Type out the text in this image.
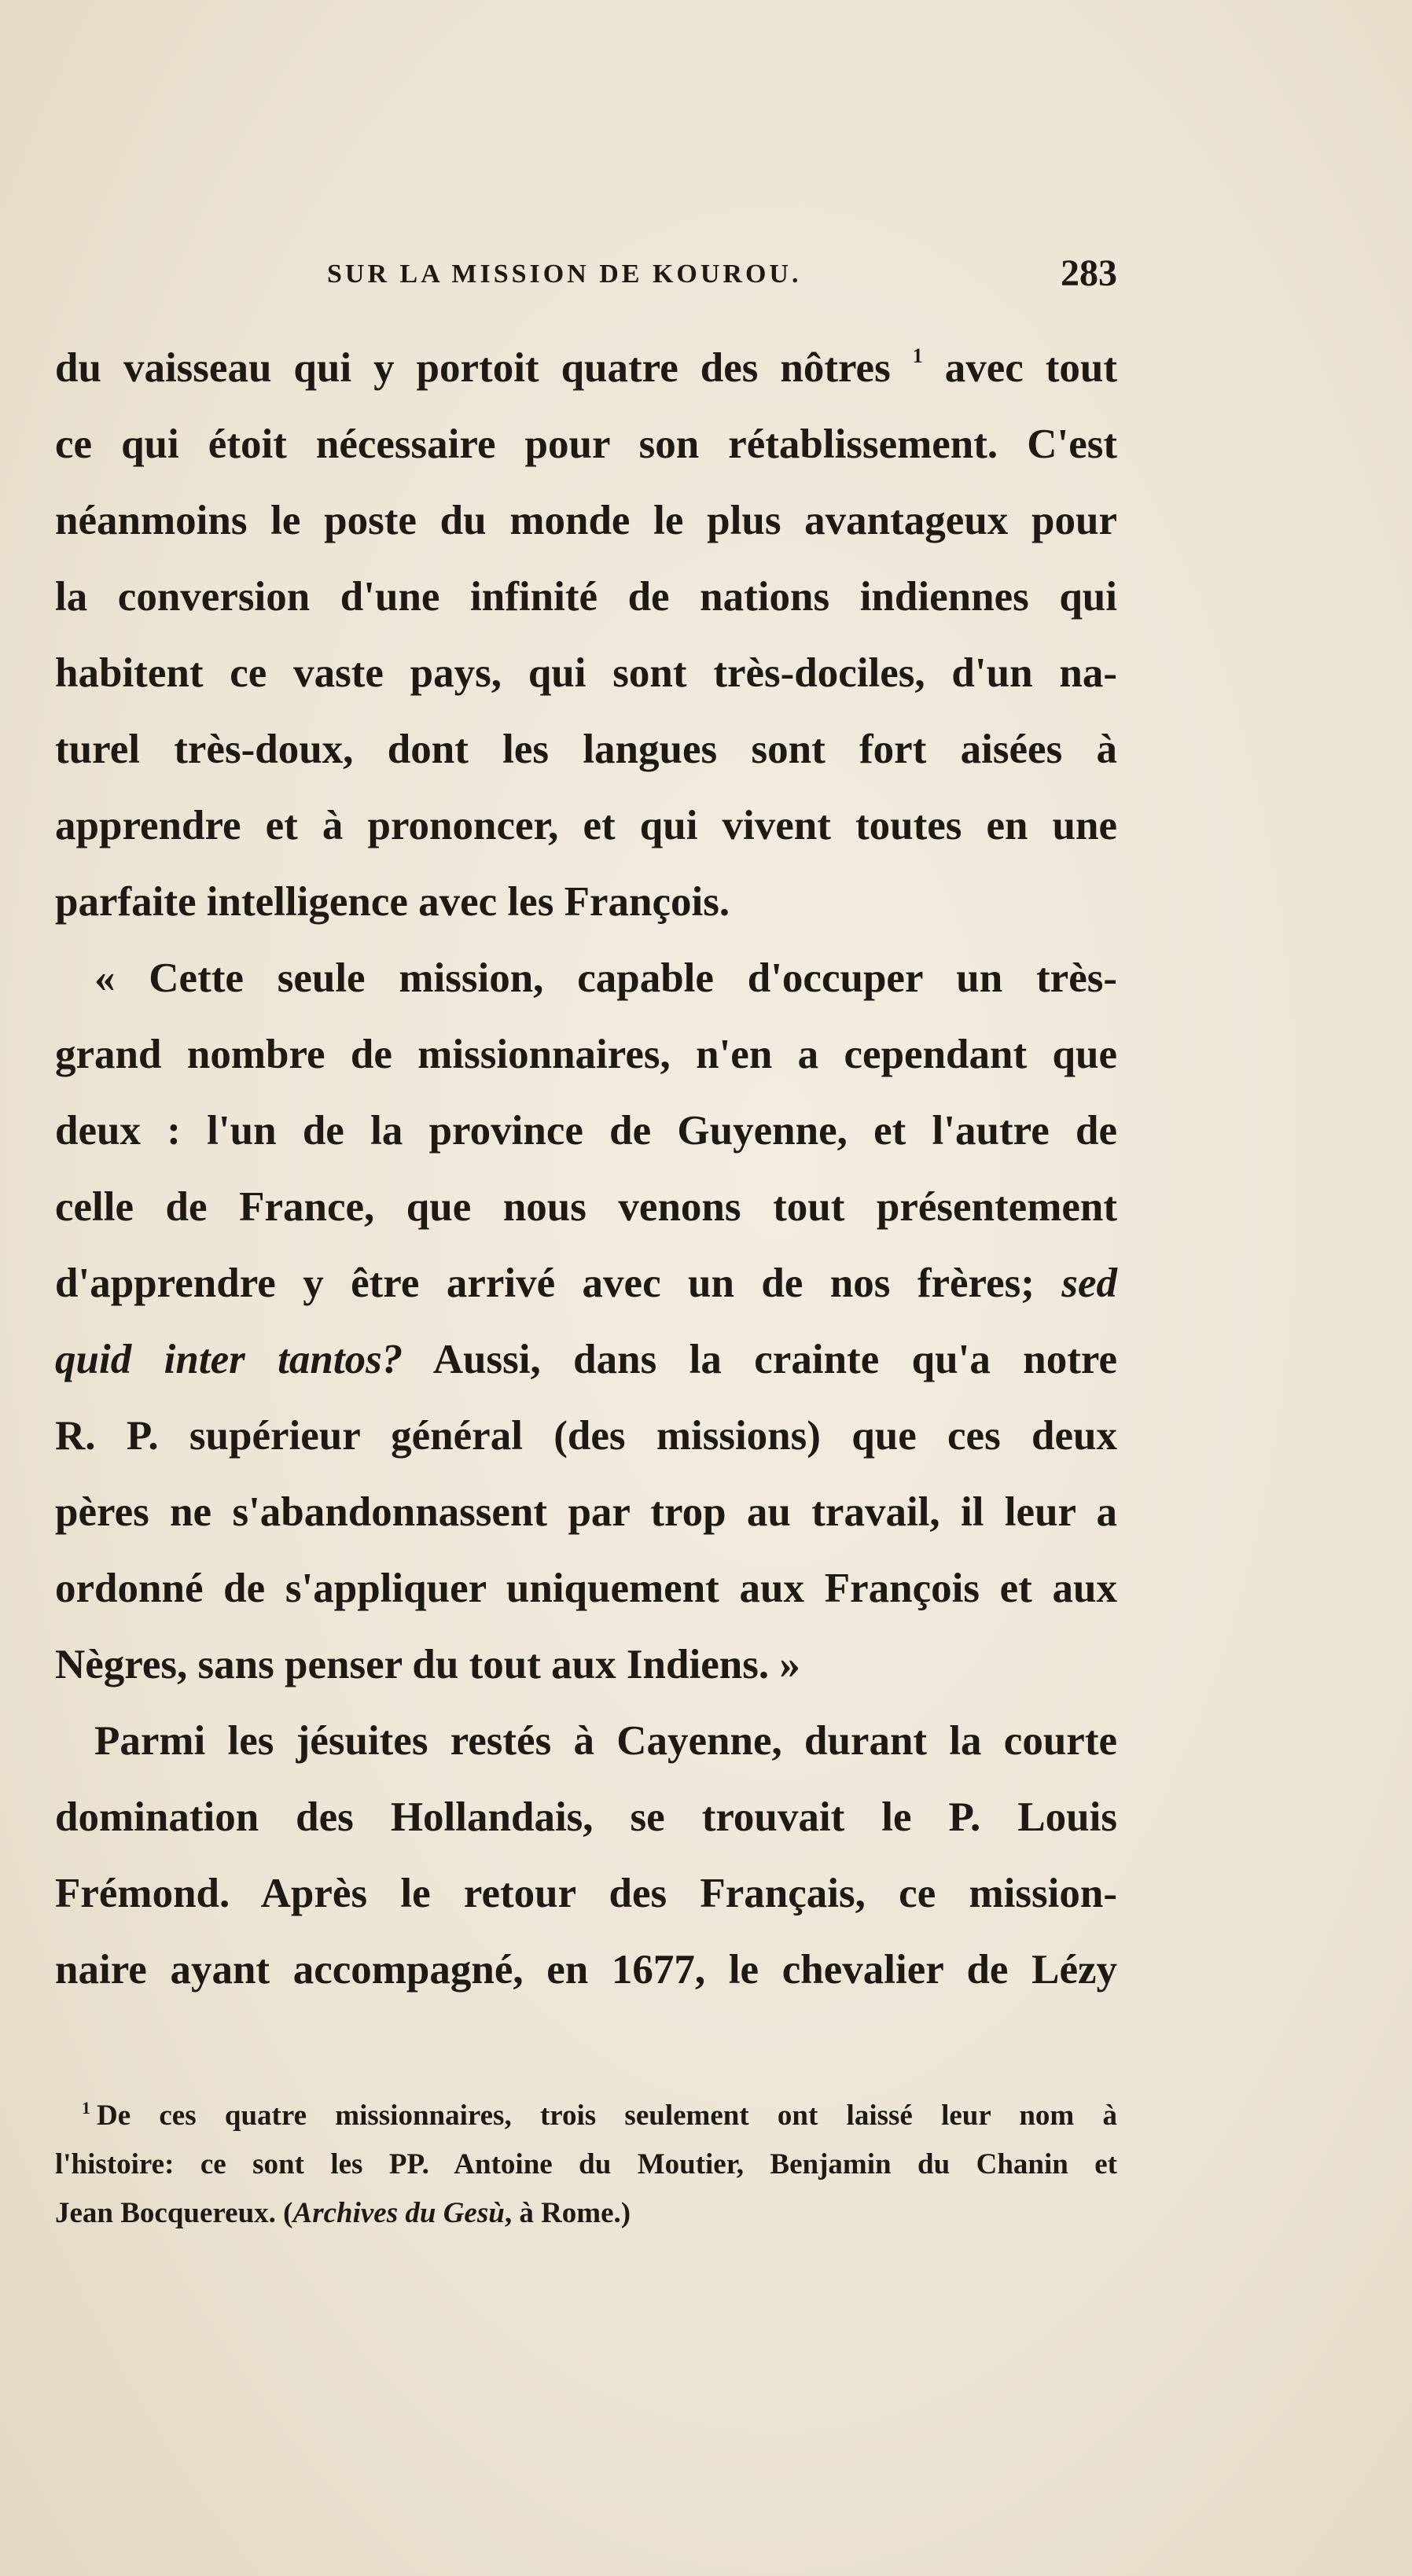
SUR LA MISSION DE KOUROU.	283
du vaisseau qui y portoit quatre des nôtres $^1$ avec tout
ce qui étoit nécessaire pour son rétablissement. C'est
néanmoins le poste du monde le plus avantageux pour
la conversion d'une infinité de nations indiennes qui
habitent ce vaste pays, qui sont très-dociles, d'un na-
turel très-doux, dont les langues sont fort aisées à
apprendre et à prononcer, et qui vivent toutes en une
parfaite intelligence avec les François.
« Cette seule mission, capable d'occuper un très-
grand nombre de missionnaires, n'en a cependant que
deux : l'un de la province de Guyenne, et l'autre de
celle de France, que nous venons tout présentement
d'apprendre y être arrivé avec un de nos frères; sed
quid inter tantos? Aussi, dans la crainte qu'a notre
R. P. supérieur général (des missions) que ces deux
pères ne s'abandonnassent par trop au travail, il leur a
ordonné de s'appliquer uniquement aux François et aux
Nègres, sans penser du tout aux Indiens. »
Parmi les jésuites restés à Cayenne, durant la courte
domination des Hollandais, se trouvait le P. Louis
Frémond. Après le retour des Français, ce mission-
naire ayant accompagné, en 1677, le chevalier de Lézy
$^1$ De ces quatre missionnaires, trois seulement ont laissé leur nom à
l'histoire: ce sont les PP. Antoine du Moutier, Benjamin du Chanin et
Jean Bocquereux. (Archives du Gesù, à Rome.)
